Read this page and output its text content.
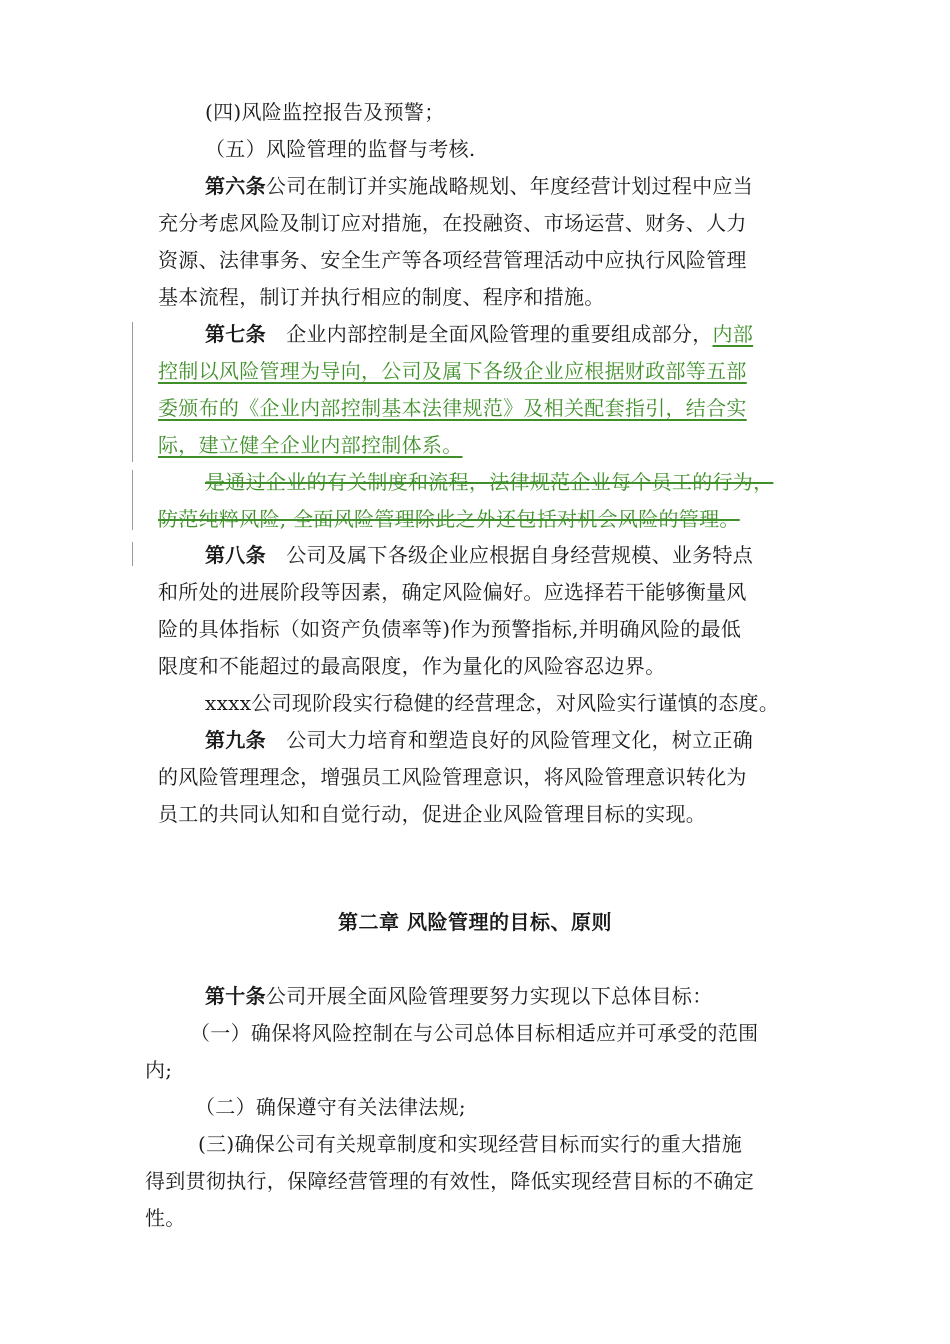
(四)风险监控报告及预警；
（五）风险管理的监督与考核.
第六条公司在制订并实施战略规划、年度经营计划过程中应当
充分考虑风险及制订应对措施，在投融资、市场运营、财务、人力
资源、法律事务、安全生产等各项经营管理活动中应执行风险管理
基本流程，制订并执行相应的制度、程序和措施。
第七条　企业内部控制是全面风险管理的重要组成部分，内部
控制以风险管理为导向，公司及属下各级企业应根据财政部等五部
委颁布的《企业内部控制基本法律规范》及相关配套指引，结合实
际，建立健全企业内部控制体系。
是通过企业的有关制度和流程，法律规范企业每个员工的行为，
防范纯粹风险, 全面风险管理除此之外还包括对机会风险的管理。
第八条　公司及属下各级企业应根据自身经营规模、业务特点
和所处的进展阶段等因素，确定风险偏好。应选择若干能够衡量风
险的具体指标（如资产负债率等)作为预警指标,并明确风险的最低
限度和不能超过的最高限度，作为量化的风险容忍边界。
xxxx公司现阶段实行稳健的经营理念，对风险实行谨慎的态度。
第九条　公司大力培育和塑造良好的风险管理文化，树立正确
的风险管理理念，增强员工风险管理意识，将风险管理意识转化为
员工的共同认知和自觉行动，促进企业风险管理目标的实现。
第二章 风险管理的目标、原则
第十条公司开展全面风险管理要努力实现以下总体目标：
（一）确保将风险控制在与公司总体目标相适应并可承受的范围
内;
（二）确保遵守有关法律法规;
(三)确保公司有关规章制度和实现经营目标而实行的重大措施
得到贯彻执行，保障经营管理的有效性，降低实现经营目标的不确定
性。
